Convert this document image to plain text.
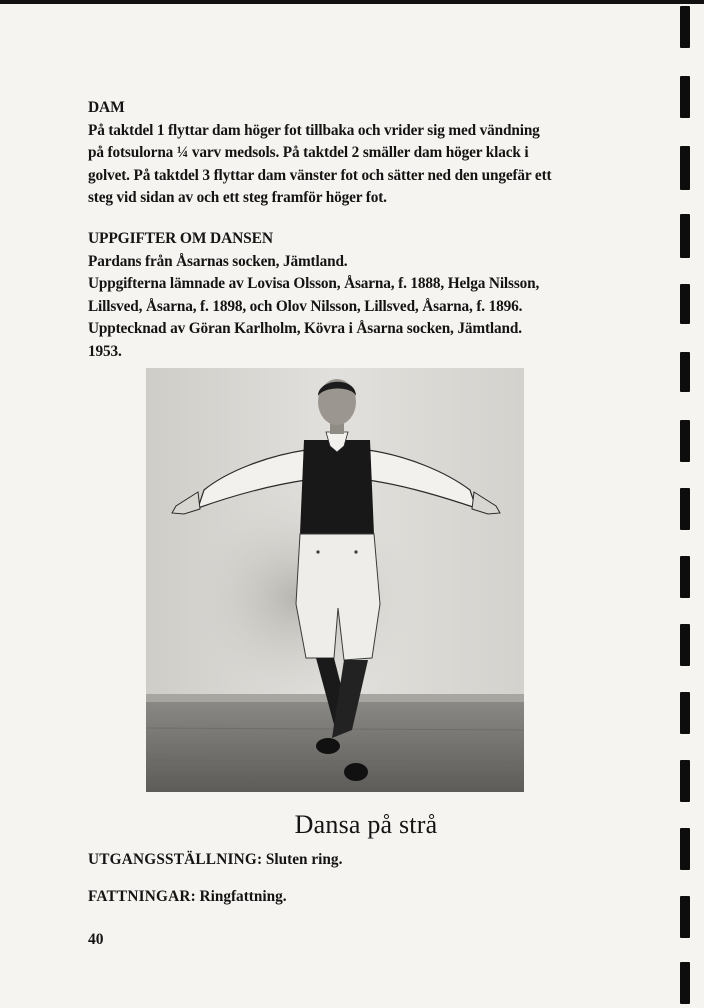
DAM
På taktdel 1 flyttar dam höger fot tillbaka och vrider sig med vändning
på fotsulorna ¼ varv medsols. På taktdel 2 smäller dam höger klack i
golvet. På taktdel 3 flyttar dam vänster fot och sätter ned den ungefär ett
steg vid sidan av och ett steg framför höger fot.
UPPGIFTER OM DANSEN
Pardans från Åsarnas socken, Jämtland.
Uppgifterna lämnade av Lovisa Olsson, Åsarna, f. 1888, Helga Nilsson,
Lillsved, Åsarna, f. 1898, och Olov Nilsson, Lillsved, Åsarna, f. 1896.
Upptecknad av Göran Karlholm, Kövra i Åsarna socken, Jämtland.
1953.
Dansa på strå
UTGANGSSTÄLLNING: Sluten ring.
FATTNINGAR: Ringfattning.
40
